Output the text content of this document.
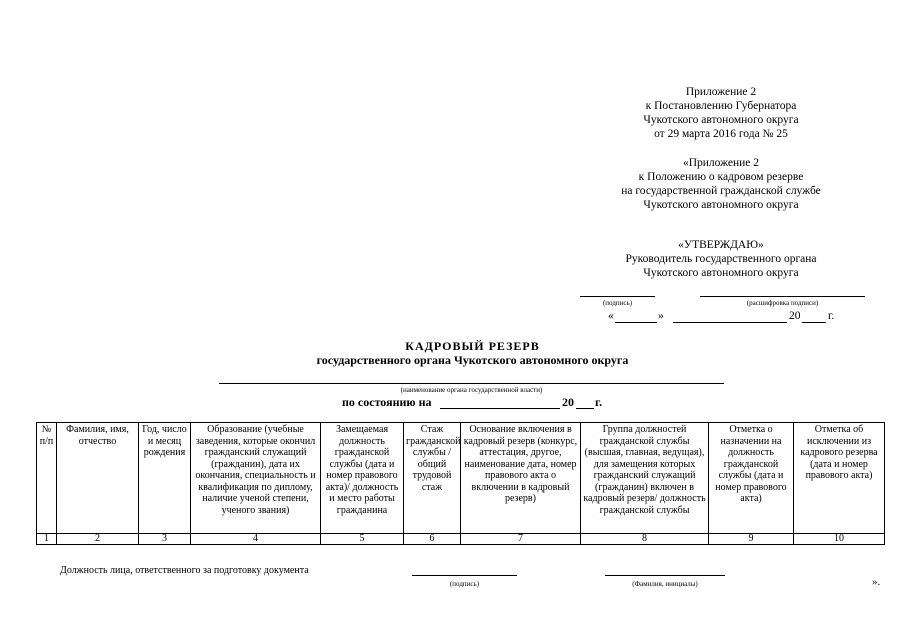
Приложение 2
к Постановлению Губернатора
Чукотского автономного округа
от 29 марта 2016 года № 25
«Приложение 2
к Положению о кадровом резерве
на государственной гражданской службе
Чукотского автономного округа
«УТВЕРЖДАЮ»
Руководитель государственного органа
Чукотского автономного округа
(подпись)	(расшифровка подписи)
«	»	20 г.
КАДРОВЫЙ РЕЗЕРВ
государственного органа Чукотского автономного округа
(наименование органа государственной власти)
по состоянию на	20 г.
№ п/п	Фамилия, имя, отчество	Год, число и месяц рождения	Образование (учебные заведения, которые окончил гражданский служащий (гражданин), дата их окончания, специальность и квалификация по диплому, наличие ученой степени, ученого звания)	Замещаемая должность гражданской службы (дата и номер правового акта)/ должность и место работы гражданина	Стаж гражданской службы / общий трудовой стаж	Основание включения в кадровый резерв (конкурс, аттестация, другое, наименование дата, номер правового акта о включении в кадровый резерв)	Группа должностей гражданской службы (высшая, главная, ведущая), для замещения которых гражданский служащий (гражданин) включен в кадровый резерв/ должность гражданской службы	Отметка о назначении на должность гражданской службы (дата и номер правового акта)	Отметка об исключении из кадрового резерва (дата и номер правового акта)
1	2	3	4	5	6	7	8	9	10
Должность лица, ответственного за подготовку документа
(подпись)	(Фамилия, инициалы)	».
